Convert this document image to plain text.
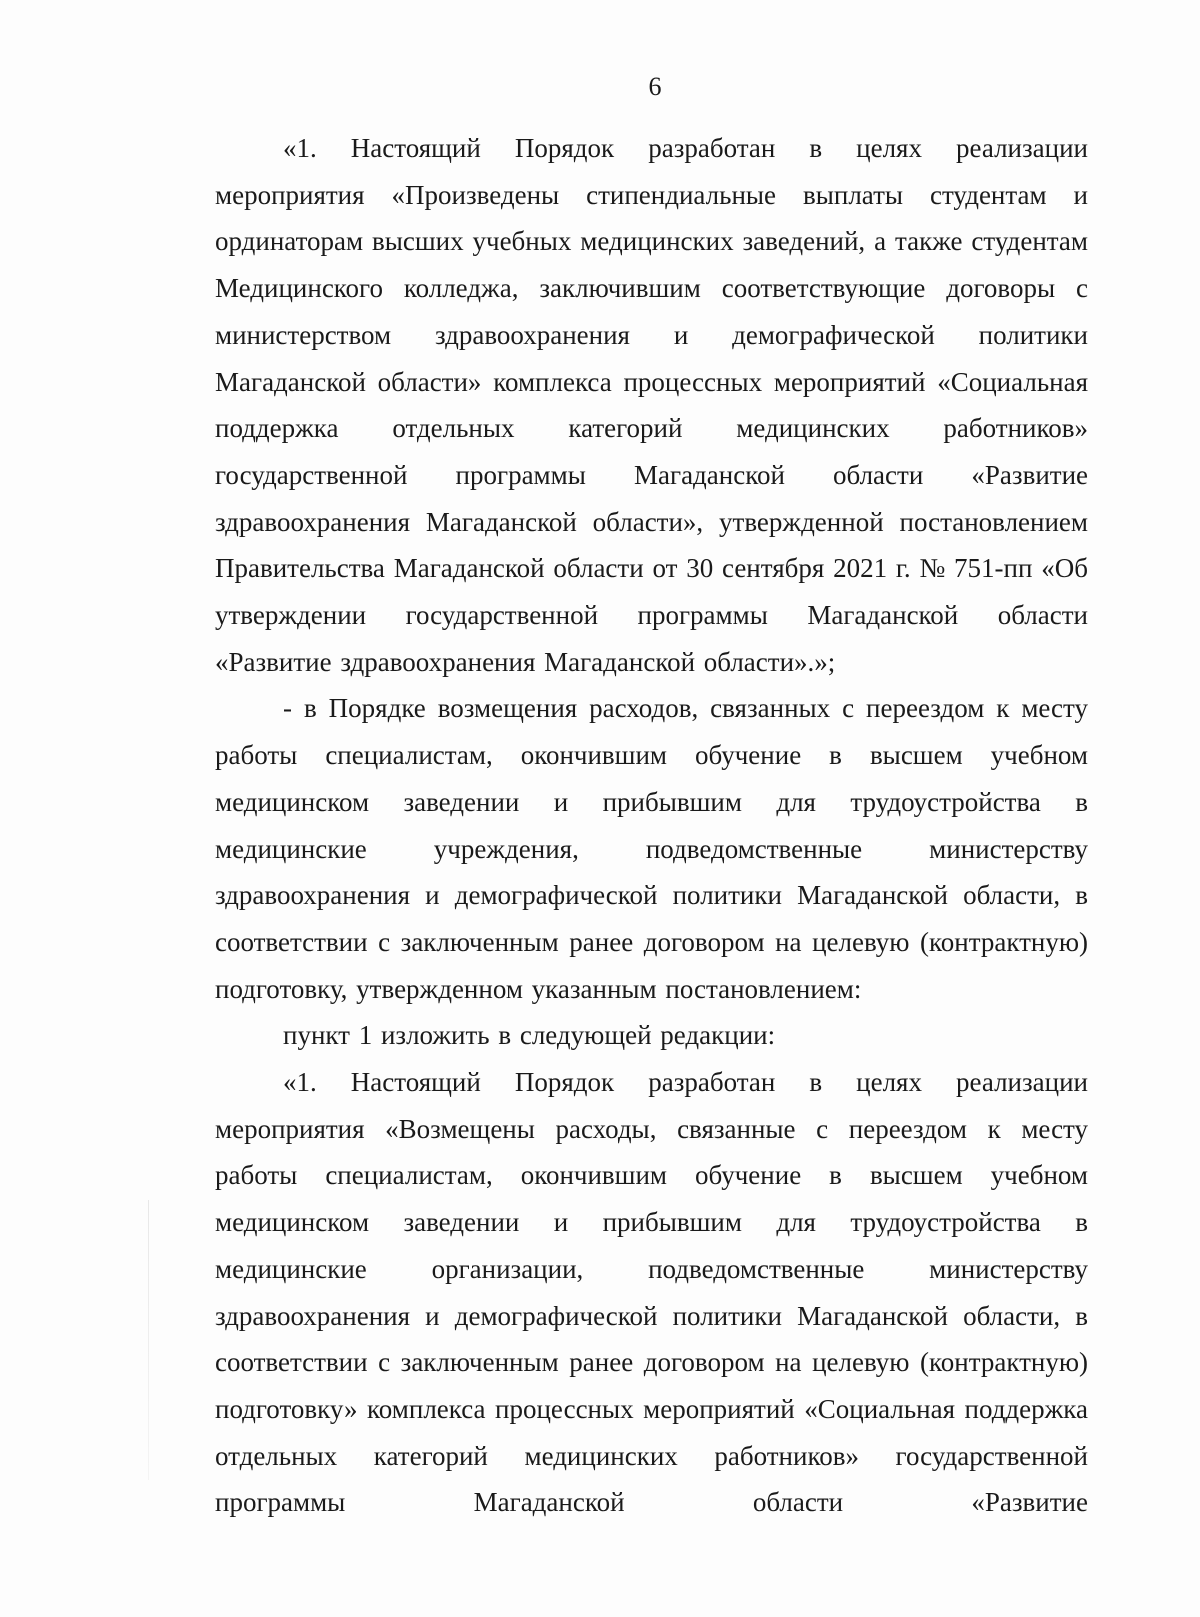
6

«1. Настоящий Порядок разработан в целях реализации мероприятия «Произведены стипендиальные выплаты студентам и ординаторам высших учебных медицинских заведений, а также студентам Медицинского колледжа, заключившим соответствующие договоры с министерством здравоохранения и демографической политики Магаданской области» комплекса процессных мероприятий «Социальная поддержка отдельных категорий медицинских работников» государственной программы Магаданской области «Развитие здравоохранения Магаданской области», утвержденной постановлением Правительства Магаданской области от 30 сентября 2021 г. № 751-пп «Об утверждении государственной программы Магаданской области «Развитие здравоохранения Магаданской области».»;

- в Порядке возмещения расходов, связанных с переездом к месту работы специалистам, окончившим обучение в высшем учебном медицинском заведении и прибывшим для трудоустройства в медицинские учреждения, подведомственные министерству здравоохранения и демографической политики Магаданской области, в соответствии с заключенным ранее договором на целевую (контрактную) подготовку, утвержденном указанным постановлением:

пункт 1 изложить в следующей редакции:

«1. Настоящий Порядок разработан в целях реализации мероприятия «Возмещены расходы, связанные с переездом к месту работы специалистам, окончившим обучение в высшем учебном медицинском заведении и прибывшим для трудоустройства в медицинские организации, подведомственные министерству здравоохранения и демографической политики Магаданской области, в соответствии с заключенным ранее договором на целевую (контрактную) подготовку» комплекса процессных мероприятий «Социальная поддержка отдельных категорий медицинских работников» государственной программы Магаданской области «Развитие
